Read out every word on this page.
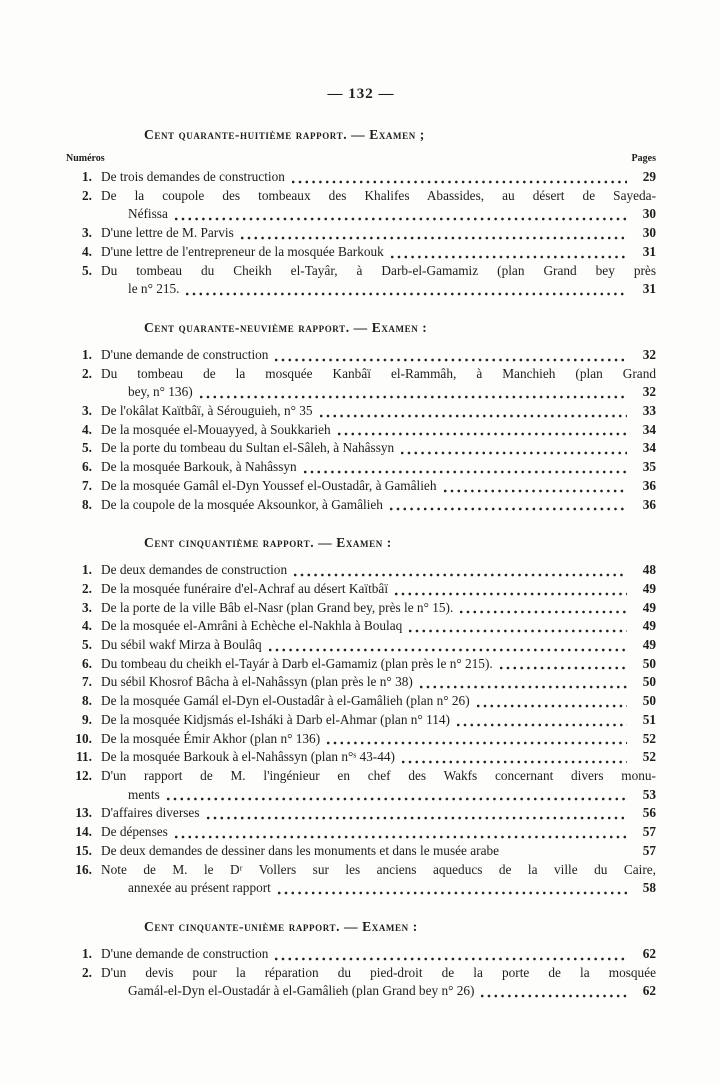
— 132 —
Cent quarante-huitième rapport. — Examen ;
Numéros	Pages
1. De trois demandes de construction	29
2. De la coupole des tombeaux des Khalifes Abassides, au désert de Sayeda-
Néfissa	30
3. D'une lettre de M. Parvis	30
4. D'une lettre de l'entrepreneur de la mosquée Barkouk	31
5. Du tombeau du Cheikh el-Tayâr, à Darb-el-Gamamiz (plan Grand bey près
le n° 215.	31
Cent quarante-neuvième rapport. — Examen :
1. D'une demande de construction	32
2. Du tombeau de la mosquée Kanbâï el-Rammâh, à Manchieh (plan Grand
bey, n° 136)	32
3. De l'okâlat Kaïtbâï, à Sérouguieh, n° 35	33
4. De la mosquée el-Mouayyed, à Soukkarieh	34
5. De la porte du tombeau du Sultan el-Sâleh, à Nahâssyn	34
6. De la mosquée Barkouk, à Nahâssyn	35
7. De la mosquée Gamâl el-Dyn Youssef el-Oustadâr, à Gamâlieh	36
8. De la coupole de la mosquée Aksounkor, à Gamâlieh	36
Cent cinquantième rapport. — Examen :
1. De deux demandes de construction	48
2. De la mosquée funéraire d'el-Achraf au désert Kaïtbâï	49
3. De la porte de la ville Bâb el-Nasr (plan Grand bey, près le n° 15).	49
4. De la mosquée el-Amrâni à Echèche el-Nakhla à Boulaq	49
5. Du sébil wakf Mirza à Boulâq	49
6. Du tombeau du cheikh el-Tayár à Darb el-Gamamiz (plan près le n° 215).	50
7. Du sébil Khosrof Bâcha à el-Nahâssyn (plan près le n° 38)	50
8. De la mosquée Gamál el-Dyn el-Oustadâr à el-Gamâlieh (plan n° 26)	50
9. De la mosquée Kidjsmás el-Isháki à Darb el-Ahmar (plan n° 114)	51
10. De la mosquée Émir Akhor (plan n° 136)	52
11. De la mosquée Barkouk à el-Nahâssyn (plan n°ˢ 43-44)	52
12. D'un rapport de M. l'ingénieur en chef des Wakfs concernant divers monu-
ments	53
13. D'affaires diverses	56
14. De dépenses	57
15. De deux demandes de dessiner dans les monuments et dans le musée arabe	57
16. Note de M. le Dʳ Vollers sur les anciens aqueducs de la ville du Caire,
annexée au présent rapport	58
Cent cinquante-unième rapport. — Examen :
1. D'une demande de construction	62
2. D'un devis pour la réparation du pied-droit de la porte de la mosquée
Gamál-el-Dyn el-Oustadár à el-Gamâlieh (plan Grand bey n° 26)	62
